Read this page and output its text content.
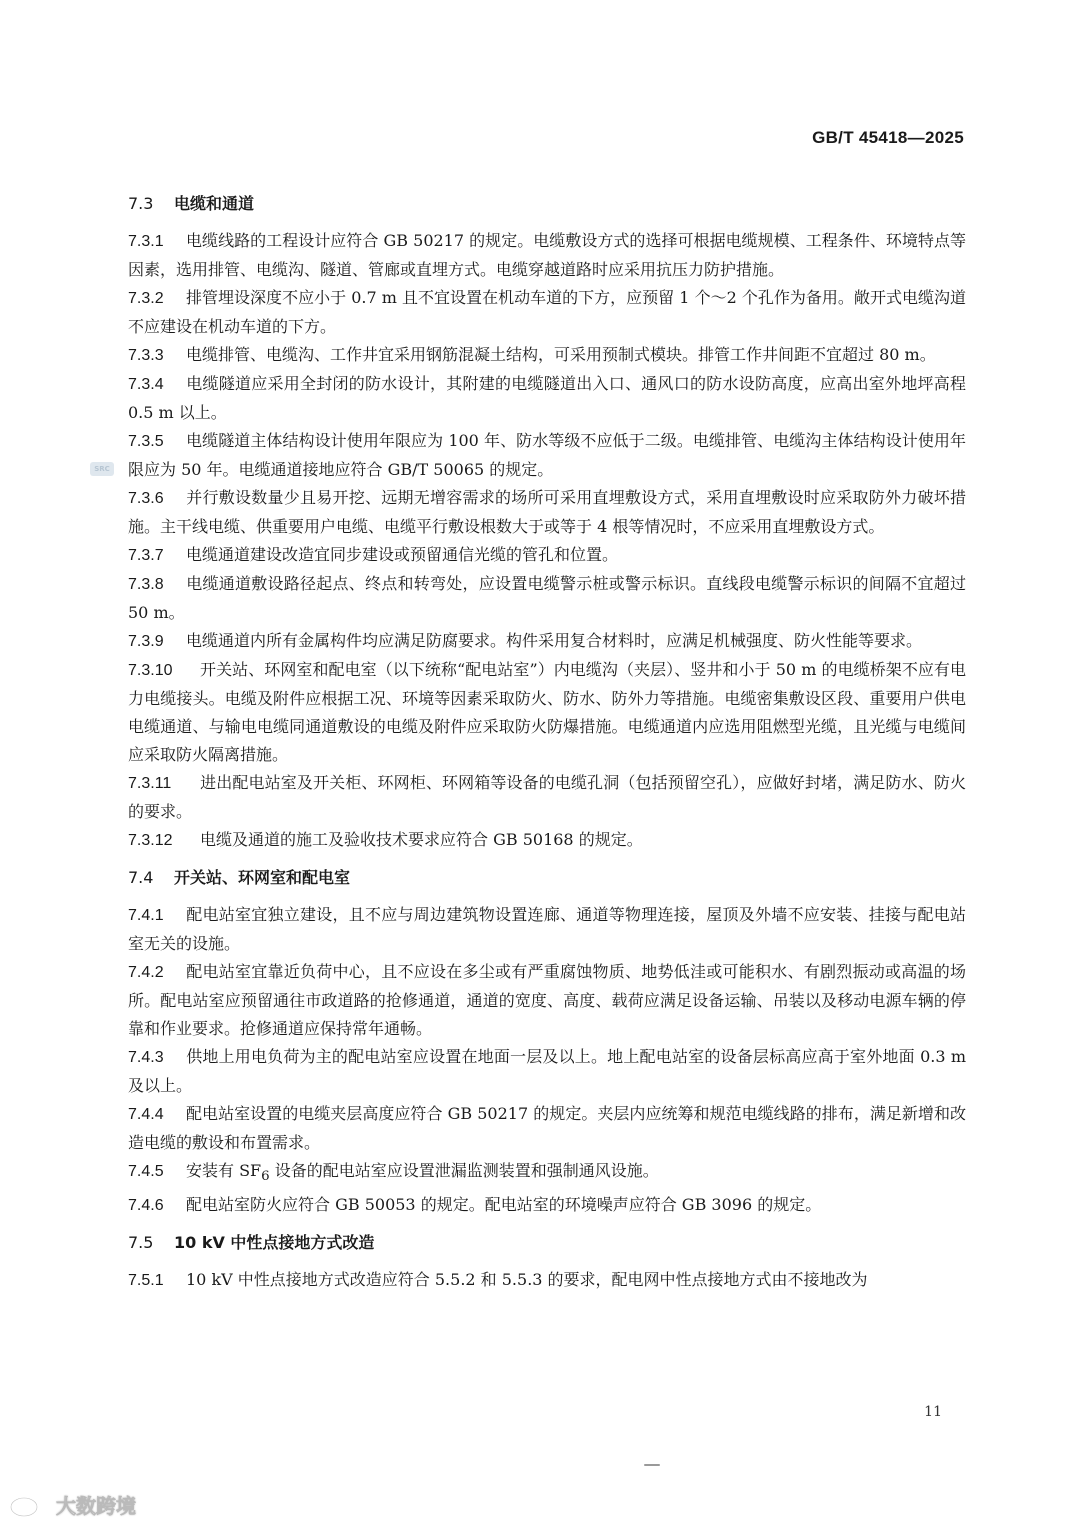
GB/T 45418—2025
SRC
7.3 电缆和通道

7.3.1 电缆线路的工程设计应符合 GB 50217 的规定。电缆敷设方式的选择可根据电缆规模、工程条件、环境特点等因素，选用排管、电缆沟、隧道、管廊或直埋方式。电缆穿越道路时应采用抗压力防护措施。

7.3.2 排管埋设深度不应小于 0.7 m 且不宜设置在机动车道的下方，应预留 1 个～2 个孔作为备用。敞开式电缆沟道不应建设在机动车道的下方。

7.3.3 电缆排管、电缆沟、工作井宜采用钢筋混凝土结构，可采用预制式模块。排管工作井间距不宜超过 80 m。

7.3.4 电缆隧道应采用全封闭的防水设计，其附建的电缆隧道出入口、通风口的防水设防高度，应高出室外地坪高程 0.5 m 以上。

7.3.5 电缆隧道主体结构设计使用年限应为 100 年、防水等级不应低于二级。电缆排管、电缆沟主体结构设计使用年限应为 50 年。电缆通道接地应符合 GB/T 50065 的规定。

7.3.6 并行敷设数量少且易开挖、远期无增容需求的场所可采用直埋敷设方式，采用直埋敷设时应采取防外力破坏措施。主干线电缆、供重要用户电缆、电缆平行敷设根数大于或等于 4 根等情况时，不应采用直埋敷设方式。

7.3.7 电缆通道建设改造宜同步建设或预留通信光缆的管孔和位置。

7.3.8 电缆通道敷设路径起点、终点和转弯处，应设置电缆警示桩或警示标识。直线段电缆警示标识的间隔不宜超过 50 m。

7.3.9 电缆通道内所有金属构件均应满足防腐要求。构件采用复合材料时，应满足机械强度、防火性能等要求。

7.3.10 开关站、环网室和配电室（以下统称“配电站室”）内电缆沟（夹层）、竖井和小于 50 m 的电缆桥架不应有电力电缆接头。电缆及附件应根据工况、环境等因素采取防火、防水、防外力等措施。电缆密集敷设区段、重要用户供电电缆通道、与输电电缆同通道敷设的电缆及附件应采取防火防爆措施。电缆通道内应选用阻燃型光缆，且光缆与电缆间应采取防火隔离措施。

7.3.11 进出配电站室及开关柜、环网柜、环网箱等设备的电缆孔洞（包括预留空孔），应做好封堵，满足防水、防火的要求。

7.3.12 电缆及通道的施工及验收技术要求应符合 GB 50168 的规定。

7.4 开关站、环网室和配电室

7.4.1 配电站室宜独立建设，且不应与周边建筑物设置连廊、通道等物理连接，屋顶及外墙不应安装、挂接与配电站室无关的设施。

7.4.2 配电站室宜靠近负荷中心，且不应设在多尘或有严重腐蚀物质、地势低洼或可能积水、有剧烈振动或高温的场所。配电站室应预留通往市政道路的抢修通道，通道的宽度、高度、载荷应满足设备运输、吊装以及移动电源车辆的停靠和作业要求。抢修通道应保持常年通畅。

7.4.3 供地上用电负荷为主的配电站室应设置在地面一层及以上。地上配电站室的设备层标高应高于室外地面 0.3 m 及以上。

7.4.4 配电站室设置的电缆夹层高度应符合 GB 50217 的规定。夹层内应统筹和规范电缆线路的排布，满足新增和改造电缆的敷设和布置需求。

7.4.5 安装有 $SF_6$ 设备的配电站室应设置泄漏监测装置和强制通风设施。

7.4.6 配电站室防火应符合 GB 50053 的规定。配电站室的环境噪声应符合 GB 3096 的规定。

7.5 10 kV 中性点接地方式改造

7.5.1 10 kV 中性点接地方式改造应符合 5.5.2 和 5.5.3 的要求，配电网中性点接地方式由不接地改为

11
大数跨境
